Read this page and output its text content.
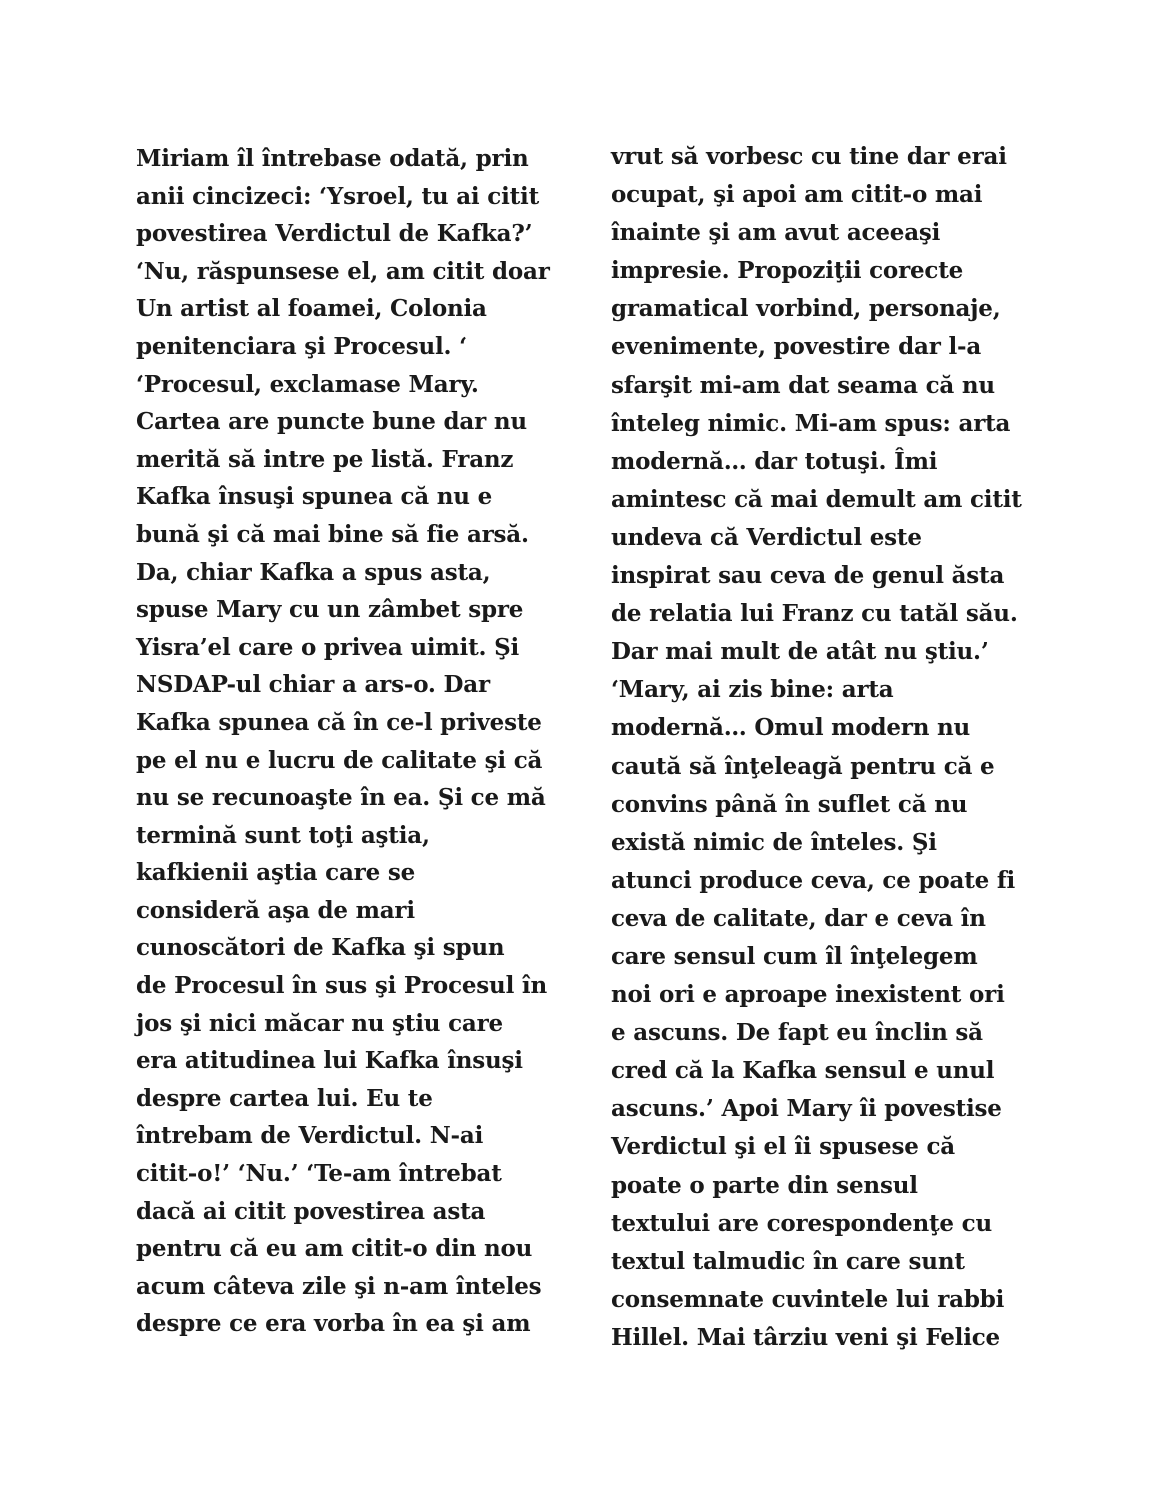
Miriam îl întrebase odată, prin
anii cincizeci: ‘Ysroel, tu ai citit
povestirea Verdictul de Kafka?’
‘Nu, răspunsese el, am citit doar
Un artist al foamei, Colonia
penitenciara şi Procesul. ‘
‘Procesul, exclamase Mary.
Cartea are puncte bune dar nu
merită să intre pe listă. Franz
Kafka însuşi spunea că nu e
bună şi că mai bine să fie arsă.
Da, chiar Kafka a spus asta,
spuse Mary cu un zâmbet spre
Yisra’el care o privea uimit. Şi
NSDAP-ul chiar a ars-o. Dar
Kafka spunea că în ce-l priveste
pe el nu e lucru de calitate şi că
nu se recunoaşte în ea. Şi ce mă
termină sunt toţi aştia,
kafkienii aştia care se
consideră aşa de mari
cunoscători de Kafka şi spun
de Procesul în sus şi Procesul în
jos şi nici măcar nu ştiu care
era atitudinea lui Kafka însuşi
despre cartea lui. Eu te
întrebam de Verdictul. N-ai
citit-o!’ ‘Nu.’ ‘Te-am întrebat
dacă ai citit povestirea asta
pentru că eu am citit-o din nou
acum câteva zile şi n-am înteles
despre ce era vorba în ea şi am
vrut să vorbesc cu tine dar erai
ocupat, şi apoi am citit-o mai
înainte şi am avut aceeaşi
impresie. Propoziţii corecte
gramatical vorbind, personaje,
evenimente, povestire dar l-a
sfarşit mi-am dat seama că nu
înteleg nimic. Mi-am spus: arta
modernă… dar totuşi. Îmi
amintesc că mai demult am citit
undeva că Verdictul este
inspirat sau ceva de genul ăsta
de relatia lui Franz cu tatăl său.
Dar mai mult de atât nu ştiu.’
‘Mary, ai zis bine: arta
modernă… Omul modern nu
caută să înţeleagă pentru că e
convins până în suflet că nu
există nimic de înteles. Şi
atunci produce ceva, ce poate fi
ceva de calitate, dar e ceva în
care sensul cum îl înţelegem
noi ori e aproape inexistent ori
e ascuns. De fapt eu înclin să
cred că la Kafka sensul e unul
ascuns.’ Apoi Mary îi povestise
Verdictul şi el îi spusese că
poate o parte din sensul
textului are corespondenţe cu
textul talmudic în care sunt
consemnate cuvintele lui rabbi
Hillel. Mai târziu veni şi Felice
